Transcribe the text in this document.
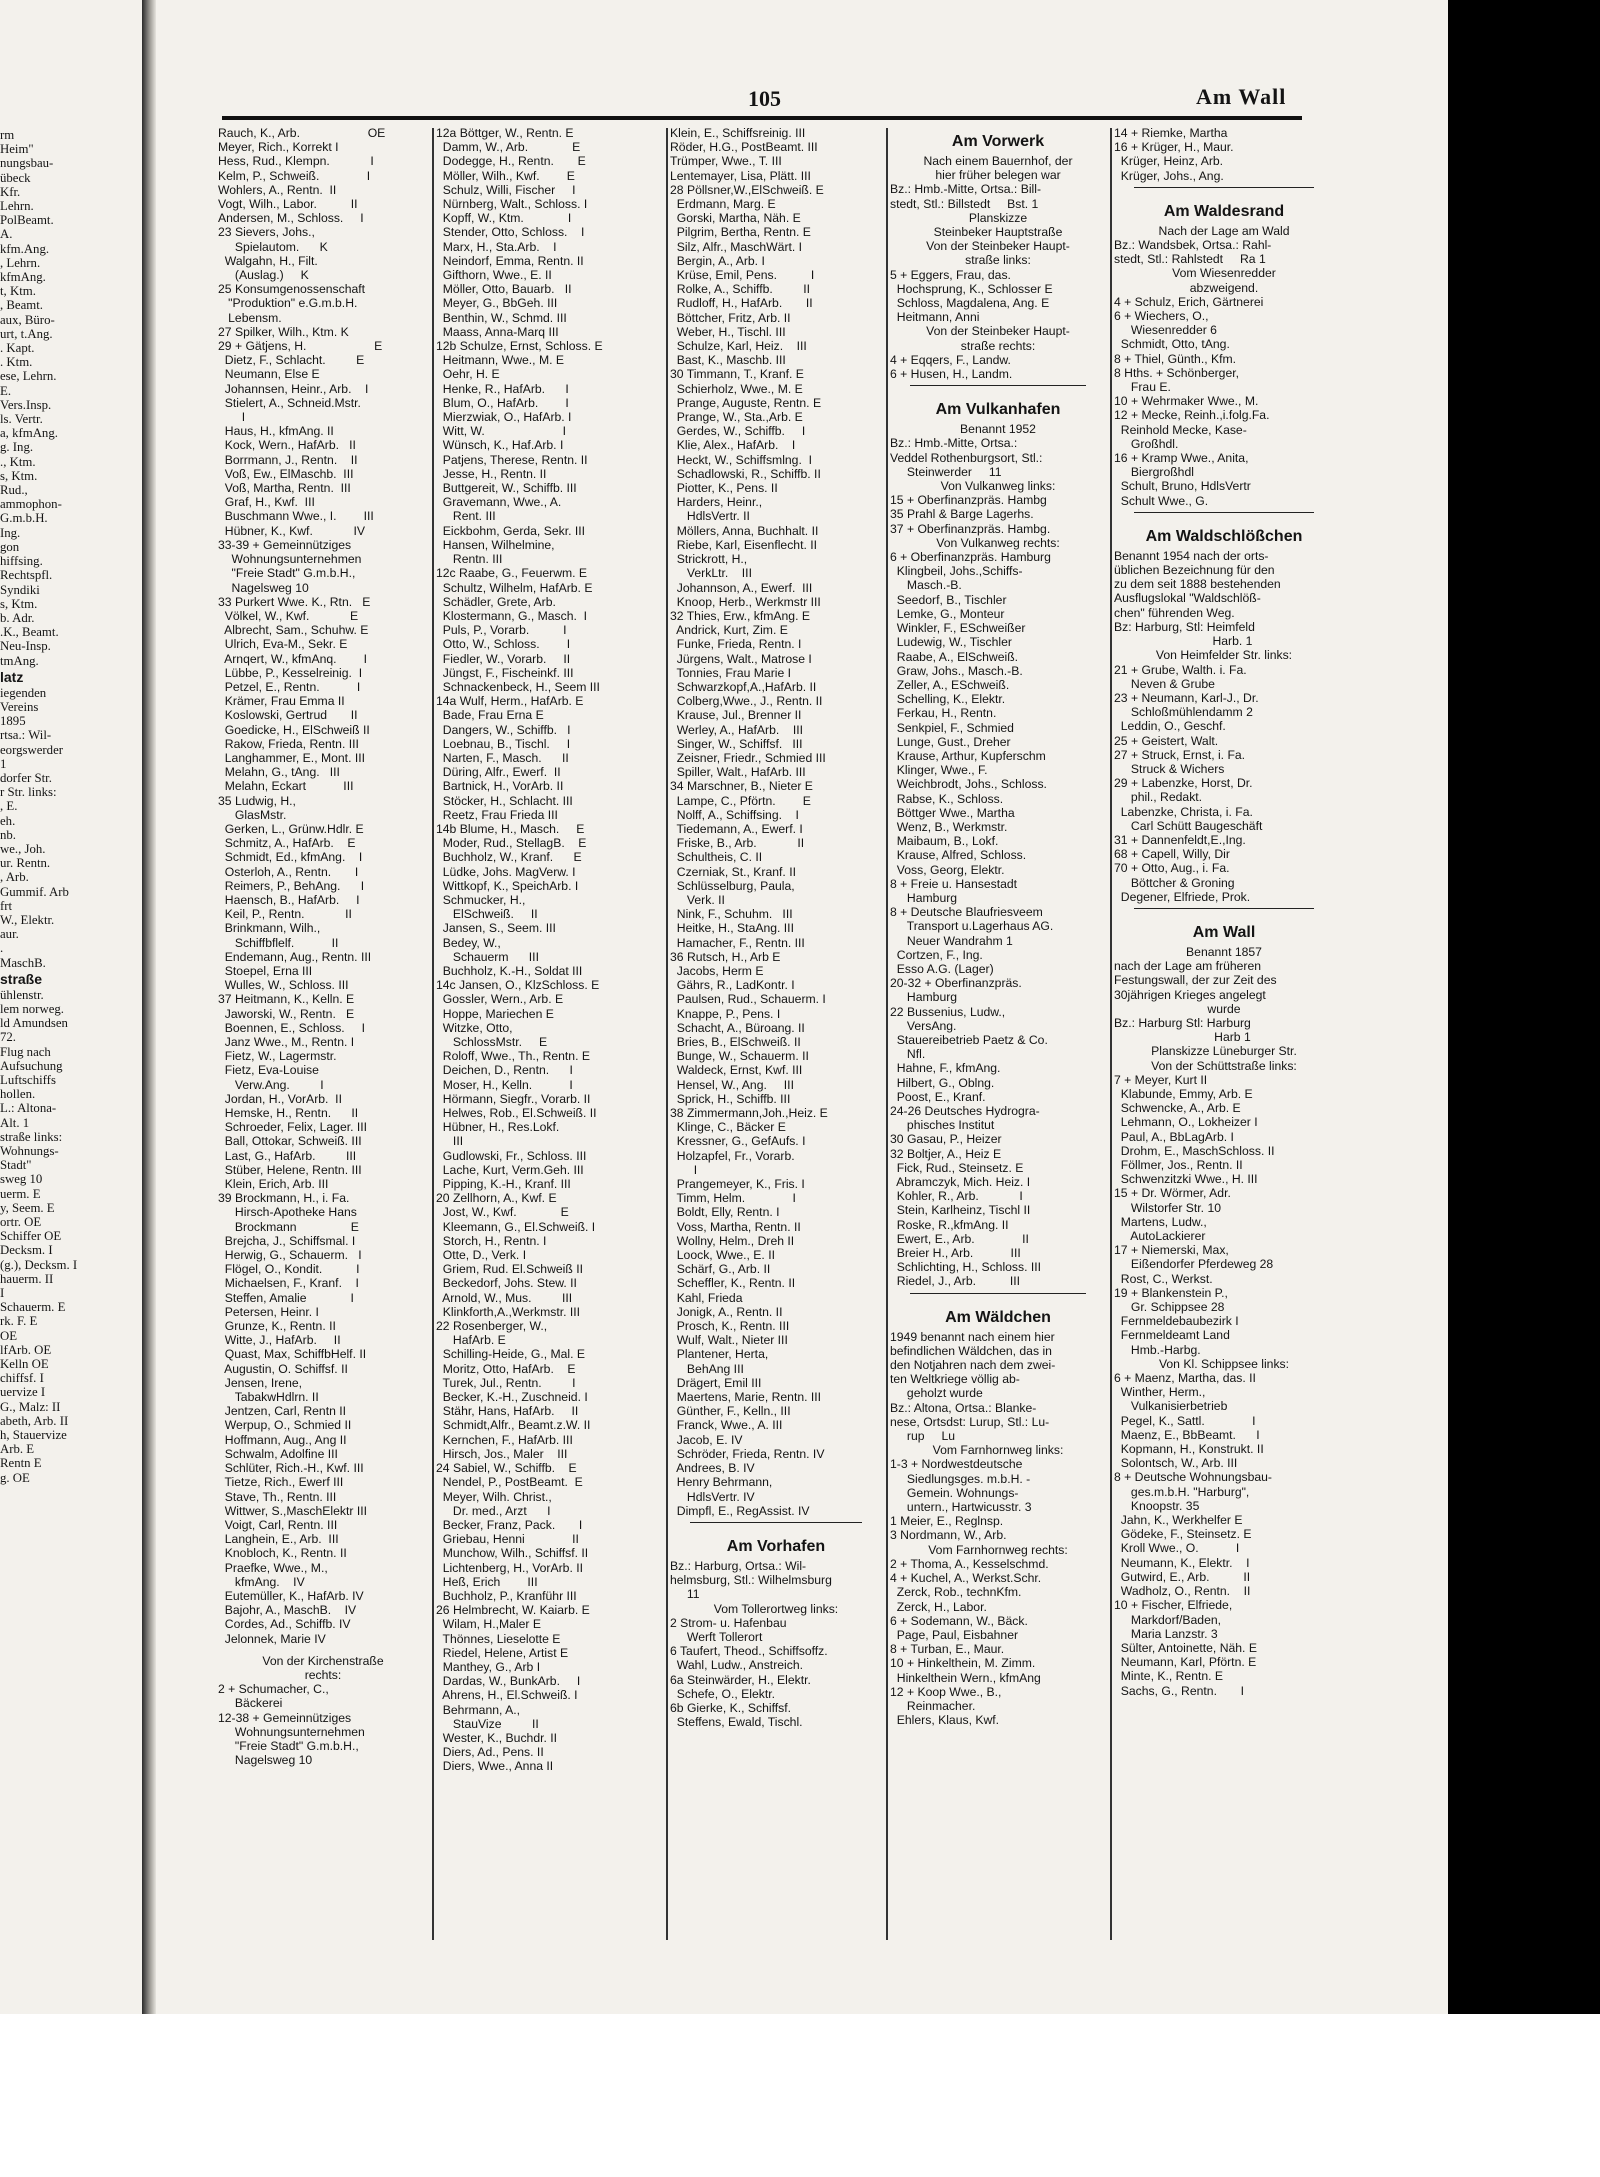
rm
Heim"
nungsbau-
übeck
Kfr.
Lehrn.
PolBeamt.
A.
kfm.Ang.
, Lehrn.
kfmAng.
t, Ktm.
, Beamt.
aux, Büro-
urt, t.Ang.
. Kapt.
. Ktm.
ese, Lehrn.
E.
Vers.Insp.
ls. Vertr.
a, kfmAng.
g. Ing.
., Ktm.
s, Ktm.
Rud.,
ammophon-
G.m.b.H.
Ing.
gon
hiffsing.
Rechtspfl.
Syndiki
s, Ktm.
b. Adr.
.K., Beamt.
Neu-Insp.
tmAng.
latz
iegenden
Vereins
1895
rtsa.: Wil-
eorgswerder
1
dorfer Str.
r Str. links:
, E.
eh.
nb.
we., Joh.
ur. Rentn.
, Arb.
Gummif. Arb
frt
W., Elektr.
aur.
.
MaschB.
straße
ühlenstr.
lem norweg.
ld Amundsen
72.
Flug nach
Aufsuchung
Luftschiffs
hollen.
L.: Altona-
Alt. 1
straße links:
Wohnungs-
Stadt"
sweg 10
uerm. E
y, Seem. E
ortr. OE
Schiffer OE
Decksm. I
(g.), Decksm. I
hauerm. II
I
Schauerm. E
rk. F. E
OE
lfArb. OE
Kelln OE
chiffsf. I
uervize I
G., Malz: II
abeth, Arb. II
h, Stauervize
Arb. E
Rentn E
g. OE
105	Am Wall
Rauch, K., Arb.                    OE
Meyer, Rich., Korrekt I
Hess, Rud., Klempn.            I
Kelm, P., Schweiß.              I
Wohlers, A., Rentn.  II
Vogt, Wilh., Labor.          II
Andersen, M., Schloss.     I
23 Sievers, Johs.,
Spielautom.      K
Walgahn, H., Filt.
(Auslag.)     K
25 Konsumgenossenschaft
"Produktion" e.G.m.b.H.
Lebensm.
27 Spilker, Wilh., Ktm. K
29 + Gätjens, H.                    E
Dietz, F., Schlacht.         E
Neumann, Else E
Johannsen, Heinr., Arb.    I
Stielert, A., Schneid.Mstr.
I
Haus, H., kfmAng. II
Kock, Wern., HafArb.   II
Borrmann, J., Rentn.    II
Voß, Ew., ElMaschb.  III
Voß, Martha, Rentn.  III
Graf, H., Kwf.  III
Buschmann Wwe., I.        III
Hübner, K., Kwf.            IV
33-39 + Gemeinnütziges
Wohnungsunternehmen
"Freie Stadt" G.m.b.H.,
Nagelsweg 10
33 Purkert Wwe. K., Rtn.   E
Völkel, W., Kwf.            E
Albrecht, Sam., Schuhw. E
Ulrich, Eva-M., Sekr. E
Arnqert, W., kfmAnq.        I
Lübbe, P., Kesselreinig.  I
Petzel, E., Rentn.           I
Krämer, Frau Emma II
Koslowski, Gertrud       II
Goedicke, H., ElSchweiß II
Rakow, Frieda, Rentn. III
Langhammer, E., Mont. III
Melahn, G., tAng.   III
Melahn, Eckart           III
35 Ludwig, H.,
GlasMstr.
Gerken, L., Grünw.Hdlr. E
Schmitz, A., HafArb.    E
Schmidt, Ed., kfmAng.    I
Osterloh, A., Rentn.       I
Reimers, P., BehAng.      I
Haensch, B., HafArb.     I
Keil, P., Rentn.            II
Brinkmann, Wilh.,
Schiffbflelf.           II
Endemann, Aug., Rentn. III
Stoepel, Erna III
Wulles, W., Schloss. III
37 Heitmann, K., Kelln. E
Jaworski, W., Rentn.   E
Boennen, E., Schloss.     I
Janz Wwe., M., Rentn. I
Fietz, W., Lagermstr.
Fietz, Eva-Louise
Verw.Ang.         I
Jordan, H., VorArb.  II
Hemske, H., Rentn.      II
Schroeder, Felix, Lager. III
Ball, Ottokar, Schweiß. III
Last, G., HafArb.         III
Stüber, Helene, Rentn. III
Klein, Erich, Arb. III
39 Brockmann, H., i. Fa.
Hirsch-Apotheke Hans
Brockmann                E
Brejcha, J., Schiffsmal. I
Herwig, G., Schauerm.   I
Flögel, O., Kondit.          I
Michaelsen, F., Kranf.    I
Steffen, Amalie             I
Petersen, Heinr. I
Grunze, K., Rentn. II
Witte, J., HafArb.     II
Quast, Max, SchiffbHelf. II
Augustin, O. Schiffsf. II
Jensen, Irene,
TabakwHdlrn. II
Jentzen, Carl, Rentn II
Werpup, O., Schmied II
Hoffmann, Aug., Ang II
Schwalm, Adolfine III
Schlüter, Rich.-H., Kwf. III
Tietze, Rich., Ewerf III
Stave, Th., Rentn. III
Wittwer, S.,MaschElektr III
Voigt, Carl, Rentn. III
Langhein, E., Arb.  III
Knobloch, K., Rentn. II
Praefke, Wwe., M.,
kfmAng.    IV
Eutemüller, K., HafArb. IV
Bajohr, A., MaschB.    IV
Cordes, Ad., Schiffb. IV
Jelonnek, Marie IV
Von der Kirchenstraße
rechts:
2 + Schumacher, C.,
Bäckerei
12-38 + Gemeinnütziges
Wohnungsunternehmen
"Freie Stadt" G.m.b.H.,
Nagelsweg 10
12a Böttger, W., Rentn. E
Damm, W., Arb.             E
Dodegge, H., Rentn.       E
Möller, Wilh., Kwf.        E
Schulz, Willi, Fischer     I
Nürnberg, Walt., Schloss. I
Kopff, W., Ktm.             I
Stender, Otto, Schloss.    I
Marx, H., Sta.Arb.    I
Neindorf, Emma, Rentn. II
Gifthorn, Wwe., E. II
Möller, Otto, Bauarb.   II
Meyer, G., BbGeh. III
Benthin, W., Schmd. III
Maass, Anna-Marq III
12b Schulze, Ernst, Schloss. E
Heitmann, Wwe., M. E
Oehr, H. E
Henke, R., HafArb.      I
Blum, O., HafArb.        I
Mierzwiak, O., HafArb. I
Witt, W.                       I
Wünsch, K., Haf.Arb. I
Patjens, Therese, Rentn. II
Jesse, H., Rentn. II
Buttgereit, W., Schiffb. III
Gravemann, Wwe., A.
Rent. III
Eickbohm, Gerda, Sekr. III
Hansen, Wilhelmine,
Rentn. III
12c Raabe, G., Feuerwm. E
Schultz, Wilhelm, HafArb. E
Schädler, Grete, Arb.
Klostermann, G., Masch.  I
Puls, P., Vorarb.          I
Otto, W., Schloss.        I
Fiedler, W., Vorarb.     II
Jüngst, F., Fischeinkf. III
Schnackenbeck, H., Seem III
14a Wulf, Herm., HafArb. E
Bade, Frau Erna E
Dangers, W., Schiffb.   I
Loebnau, B., Tischl.     I
Narten, F., Masch.      II
Düring, Alfr., Ewerf.  II
Bartnick, H., VorArb. II
Stöcker, H., Schlacht. III
Reetz, Frau Frieda III
14b Blume, H., Masch.     E
Moder, Rud., StellagB.    E
Buchholz, W., Kranf.      E
Lüdke, Johs. MagVerw. I
Wittkopf, K., SpeichArb. I
Schmucker, H.,
ElSchweiß.     II
Jansen, S., Seem. III
Bedey, W.,
Schauerm      III
Buchholz, K.-H., Soldat III
14c Jansen, O., KlzSchloss. E
Gossler, Wern., Arb. E
Hoppe, Mariechen E
Witzke, Otto,
SchlossMstr.     E
Roloff, Wwe., Th., Rentn. E
Deichen, D., Rentn.      I
Moser, H., Kelln.           I
Hörmann, Siegfr., Vorarb. II
Helwes, Rob., El.Schweiß. II
Hübner, H., Res.Lokf.
III
Gudlowski, Fr., Schloss. III
Lache, Kurt, Verm.Geh. III
Pipping, K.-H., Kranf. III
20 Zellhorn, A., Kwf. E
Jost, W., Kwf.             E
Kleemann, G., El.Schweiß. I
Storch, H., Rentn. I
Otte, D., Verk. I
Griem, Rud. El.Schweiß II
Beckedorf, Johs. Stew. II
Arnold, W., Mus.         III
Klinkforth,A.,Werkmstr. III
22 Rosenberger, W.,
HafArb. E
Schilling-Heide, G., Mal. E
Moritz, Otto, HafArb.    E
Turek, Jul., Rentn.         I
Becker, K.-H., Zuschneid. I
Stähr, Hans, HafArb.     II
Schmidt,Alfr., Beamt.z.W. II
Kernchen, F., HafArb. III
Hirsch, Jos., Maler    III
24 Sabiel, W., Schiffb.    E
Nendel, P., PostBeamt.  E
Meyer, Wilh. Christ.,
Dr. med., Arzt      I
Becker, Franz, Pack.       I
Griebau, Henni              II
Munchow, Wilh., Schiffsf. II
Lichtenberg, H., VorArb. II
Heß, Erich        III
Buchholz, P., Kranführ III
26 Helmbrecht, W. Kaiarb. E
Wilam, H.,Maler E
Thönnes, Lieselotte E
Riedel, Helene, Artist E
Manthey, G., Arb I
Dardas, W., BunkArb.     I
Ahrens, H., El.Schweiß. I
Behrmann, A.,
StauVize         II
Wester, K., Buchdr. II
Diers, Ad., Pens. II
Diers, Wwe., Anna II
Klein, E., Schiffsreinig. III
Röder, H.G., PostBeamt. III
Trümper, Wwe., T. III
Lentemayer, Lisa, Plätt. III
28 Pöllsner,W.,ElSchweiß. E
Erdmann, Marg. E
Gorski, Martha, Näh. E
Pilgrim, Bertha, Rentn. E
Silz, Alfr., MaschWärt. I
Bergin, A., Arb. I
Krüse, Emil, Pens.          I
Rolke, A., Schiffb.         II
Rudloff, H., HafArb.       II
Böttcher, Fritz, Arb. II
Weber, H., Tischl. III
Schulze, Karl, Heiz.    III
Bast, K., Maschb. III
30 Timmann, T., Kranf. E
Schierholz, Wwe., M. E
Prange, Auguste, Rentn. E
Prange, W., Sta.,Arb. E
Gerdes, W., Schiffb.     I
Klie, Alex., HafArb.    I
Heckt, W., Schiffsmlng.  I
Schadlowski, R., Schiffb. II
Piotter, K., Pens. II
Harders, Heinr.,
HdlsVertr. II
Möllers, Anna, Buchhalt. II
Riebe, Karl, Eisenflecht. II
Strickrott, H.,
VerkLtr.    III
Johannson, A., Ewerf.  III
Knoop, Herb., Werkmstr III
32 Thies, Erw., kfmAng. E
Andrick, Kurt, Zim. E
Funke, Frieda, Rentn. I
Jürgens, Walt., Matrose I
Tonnies, Frau Marie I
Schwarzkopf,A.,HafArb. II
Colberg,Wwe., J., Rentn. II
Krause, Jul., Brenner II
Werley, A., HafArb.    III
Singer, W., Schiffsf.   III
Zeisner, Friedr., Schmied III
Spiller, Walt., HafArb. III
34 Marschner, B., Nieter E
Lampe, C., Pförtn.        E
Nolff, A., Schiffsing.    I
Tiedemann, A., Ewerf. I
Friske, B., Arb.            II
Schultheis, C. II
Czerniak, St., Kranf. II
Schlüsselburg, Paula,
Verk. II
Nink, F., Schuhm.   III
Heitke, H., StaAng. III
Hamacher, F., Rentn. III
36 Rutsch, H., Arb E
Jacobs, Herm E
Gährs, R., LadKontr. I
Paulsen, Rud., Schauerm. I
Knappe, P., Pens. I
Schacht, A., Büroang. II
Bries, B., ElSchweiß. II
Bunge, W., Schauerm. II
Waldeck, Ernst, Kwf. III
Hensel, W., Ang.     III
Sprick, H., Schiffb. III
38 Zimmermann,Joh.,Heiz. E
Klinge, C., Bäcker E
Kressner, G., GefAufs. I
Holzapfel, Fr., Vorarb.
I
Prangemeyer, K., Fris. I
Timm, Helm.              I
Boldt, Elly, Rentn. I
Voss, Martha, Rentn. II
Wollny, Helm., Dreh II
Loock, Wwe., E. II
Schärf, G., Arb. II
Scheffler, K., Rentn. II
Kahl, Frieda
Jonigk, A., Rentn. II
Prosch, K., Rentn. III
Wulf, Walt., Nieter III
Plantener, Herta,
BehAng III
Drägert, Emil III
Maertens, Marie, Rentn. III
Günther, F., Kelln., III
Franck, Wwe., A. III
Jacob, E. IV
Schröder, Frieda, Rentn. IV
Andrees, B. IV
Henry Behrmann,
HdlsVertr. IV
Dimpfl, E., RegAssist. IV
Am Vorhafen
Bz.: Harburg, Ortsa.: Wil-
helmsburg, Stl.: Wilhelmsburg
11
Vom Tollerortweg links:
2 Strom- u. Hafenbau
Werft Tollerort
6 Taufert, Theod., Schiffsoffz.
Wahl, Ludw., Anstreich.
6a Steinwärder, H., Elektr.
Schefe, O., Elektr.
6b Gierke, K., Schiffsf.
Steffens, Ewald, Tischl.
Am Vorwerk
Nach einem Bauernhof, der
hier früher belegen war
Bz.: Hmb.-Mitte, Ortsa.: Bill-
stedt, Stl.: Billstedt     Bst. 1
Planskizze
Steinbeker Hauptstraße
Von der Steinbeker Haupt-
straße links:
5 + Eggers, Frau, das.
Hochsprung, K., Schlosser E
Schloss, Magdalena, Ang. E
Heitmann, Anni
Von der Steinbeker Haupt-
straße rechts:
4 + Eqqers, F., Landw.
6 + Husen, H., Landm.
Am Vulkanhafen
Benannt 1952
Bz.: Hmb.-Mitte, Ortsa.:
Veddel Rothenburgsort, Stl.:
Steinwerder     11
Von Vulkanweg links:
15 + Oberfinanzpräs. Hambg
35 Prahl & Barge Lagerhs.
37 + Oberfinanzpräs. Hambg.
Von Vulkanweg rechts:
6 + Oberfinanzpräs. Hamburg
Klingbeil, Johs.,Schiffs-
Masch.-B.
Seedorf, B., Tischler
Lemke, G., Monteur
Winkler, F., ESchweißer
Ludewig, W., Tischler
Raabe, A., ElSchweiß.
Graw, Johs., Masch.-B.
Zeller, A., ESchweiß.
Schelling, K., Elektr.
Ferkau, H., Rentn.
Senkpiel, F., Schmied
Lunge, Gust., Dreher
Krause, Arthur, Kupferschm
Klinger, Wwe., F.
Weichbrodt, Johs., Schloss.
Rabse, K., Schloss.
Böttger Wwe., Martha
Wenz, B., Werkmstr.
Maibaum, B., Lokf.
Krause, Alfred, Schloss.
Voss, Georg, Elektr.
8 + Freie u. Hansestadt
Hamburg
8 + Deutsche Blaufriesveem
Transport u.Lagerhaus AG.
Neuer Wandrahm 1
Cortzen, F., Ing.
Esso A.G. (Lager)
20-32 + Oberfinanzpräs.
Hamburg
22 Bussenius, Ludw.,
VersAng.
Stauereibetrieb Paetz & Co.
Nfl.
Hahne, F., kfmAng.
Hilbert, G., Oblng.
Poost, E., Kranf.
24-26 Deutsches Hydrogra-
phisches Institut
30 Gasau, P., Heizer
32 Boltjer, A., Heiz E
Fick, Rud., Steinsetz. E
Abramczyk, Mich. Heiz. I
Kohler, R., Arb.            I
Stein, Karlheinz, Tischl II
Roske, R.,kfmAng. II
Ewert, E., Arb.              II
Breier H., Arb.           III
Schlichting, H., Schloss. III
Riedel, J., Arb.          III
Am Wäldchen
1949 benannt nach einem hier
befindlichen Wäldchen, das in
den Notjahren nach dem zwei-
ten Weltkriege völlig ab-
geholzt wurde
Bz.: Altona, Ortsa.: Blanke-
nese, Ortsdst: Lurup, Stl.: Lu-
rup     Lu
Vom Farnhornweg links:
1-3 + Nordwestdeutsche
Siedlungsges. m.b.H. -
Gemein. Wohnungs-
untern., Hartwicusstr. 3
1 Meier, E., Reglnsp.
3 Nordmann, W., Arb.
Vom Farnhornweg rechts:
2 + Thoma, A., Kesselschmd.
4 + Kuchel, A., Werkst.Schr.
Zerck, Rob., technKfm.
Zerck, H., Labor.
6 + Sodemann, W., Bäck.
Page, Paul, Eisbahner
8 + Turban, E., Maur.
10 + Hinkelthein, M. Zimm.
Hinkelthein Wern., kfmAng
12 + Koop Wwe., B.,
Reinmacher.
Ehlers, Klaus, Kwf.
14 + Riemke, Martha
16 + Krüger, H., Maur.
Krüger, Heinz, Arb.
Krüger, Johs., Ang.
Am Waldesrand
Nach der Lage am Wald
Bz.: Wandsbek, Ortsa.: Rahl-
stedt, Stl.: Rahlstedt     Ra 1
Vom Wiesenredder
abzweigend.
4 + Schulz, Erich, Gärtnerei
6 + Wiechers, O.,
Wiesenredder 6
Schmidt, Otto, tAng.
8 + Thiel, Günth., Kfm.
8 Hths. + Schönberger,
Frau E.
10 + Wehrmaker Wwe., M.
12 + Mecke, Reinh.,i.folg.Fa.
Reinhold Mecke, Kase-
Großhdl.
16 + Kramp Wwe., Anita,
Biergroßhdl
Schult, Bruno, HdlsVertr
Schult Wwe., G.
Am Waldschlößchen
Benannt 1954 nach der orts-
üblichen Bezeichnung für den
zu dem seit 1888 bestehenden
Ausflugslokal "Waldschlöß-
chen" führenden Weg.
Bz: Harburg, Stl: Heimfeld
Harb. 1
Von Heimfelder Str. links:
21 + Grube, Walth. i. Fa.
Neven & Grube
23 + Neumann, Karl-J., Dr.
Schloßmühlendamm 2
Leddin, O., Geschf.
25 + Geistert, Walt.
27 + Struck, Ernst, i. Fa.
Struck & Wichers
29 + Labenzke, Horst, Dr.
phil., Redakt.
Labenzke, Christa, i. Fa.
Carl Schütt Baugeschäft
31 + Dannenfeldt,E.,Ing.
68 + Capell, Willy, Dir
70 + Otto, Aug., i. Fa.
Böttcher & Groning
Degener, Elfriede, Prok.
Am Wall
Benannt 1857
nach der Lage am früheren
Festungswall, der zur Zeit des
30jährigen Krieges angelegt
wurde
Bz.: Harburg Stl: Harburg
Harb 1
Planskizze Lüneburger Str.
Von der Schüttstraße links:
7 + Meyer, Kurt II
Klabunde, Emmy, Arb. E
Schwencke, A., Arb. E
Lehmann, O., Lokheizer I
Paul, A., BbLagArb. I
Drohm, E., MaschSchloss. II
Föllmer, Jos., Rentn. II
Schwenzitzki Wwe., H. III
15 + Dr. Wörmer, Adr.
Wilstorfer Str. 10
Martens, Ludw.,
AutoLackierer
17 + Niemerski, Max,
Eißendorfer Pferdeweg 28
Rost, C., Werkst.
19 + Blankenstein P.,
Gr. Schippsee 28
Fernmeldebaubezirk I
Fernmeldeamt Land
Hmb.-Harbg.
Von Kl. Schippsee links:
6 + Maenz, Martha, das. II
Winther, Herm.,
Vulkanisierbetrieb
Pegel, K., Sattl.              I
Maenz, E., BbBeamt.      I
Kopmann, H., Konstrukt. II
Solontsch, W., Arb. III
8 + Deutsche Wohnungsbau-
ges.m.b.H. "Harburg",
Knoopstr. 35
Jahn, K., Werkhelfer E
Gödeke, F., Steinsetz. E
Kroll Wwe., O.           I
Neumann, K., Elektr.    I
Gutwird, E., Arb.          II
Wadholz, O., Rentn.    II
10 + Fischer, Elfriede,
Markdorf/Baden,
Maria Lanzstr. 3
Sülter, Antoinette, Näh. E
Neumann, Karl, Pförtn. E
Minte, K., Rentn. E
Sachs, G., Rentn.       I
